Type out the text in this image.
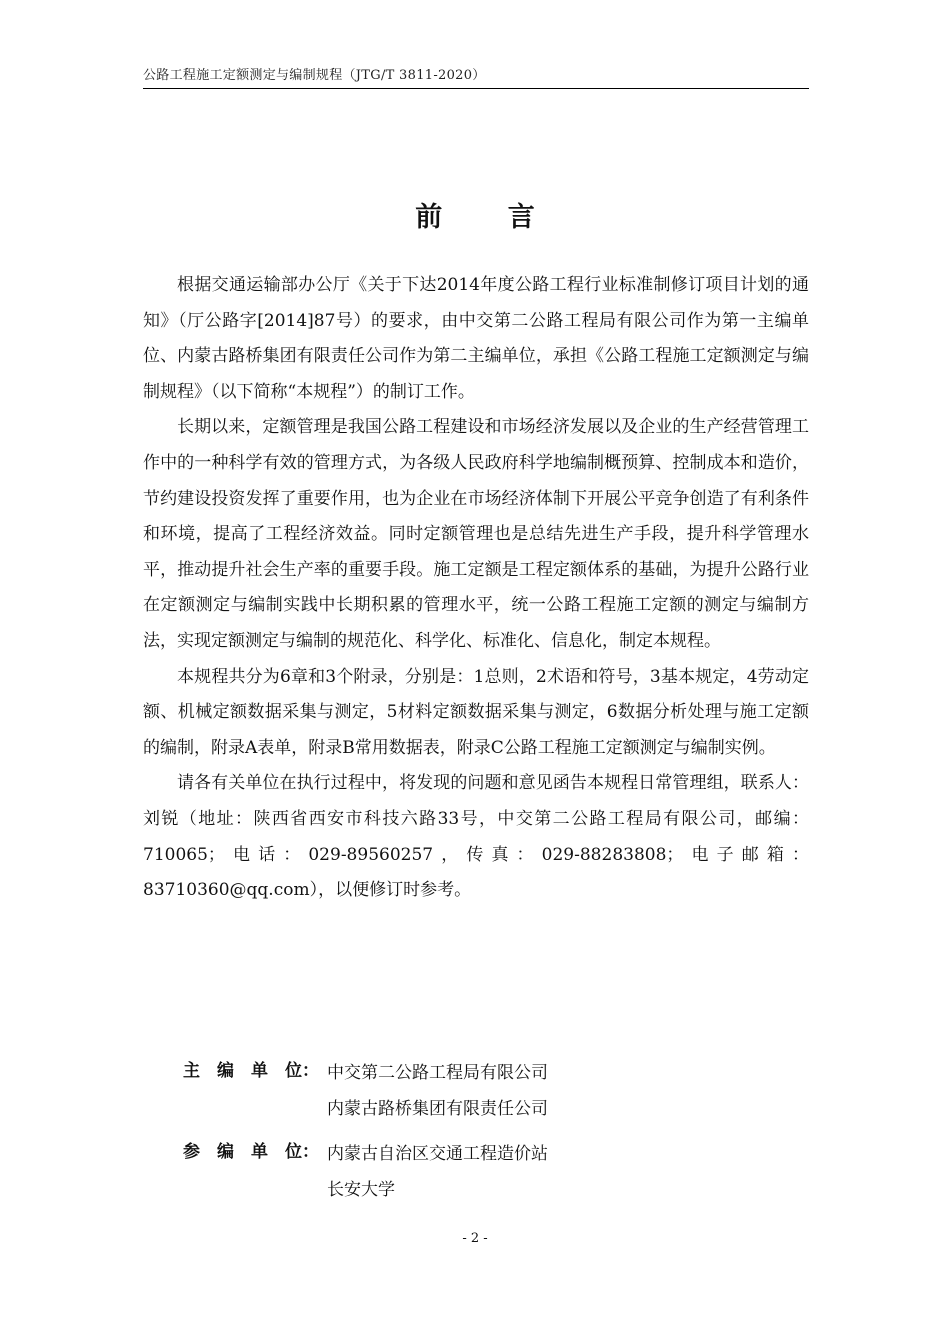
公路工程施工定额测定与编制规程（JTG/T 3811-2020）
前 言

根据交通运输部办公厅《关于下达2014年度公路工程行业标准制修订项目计划的通知》（厅公路字[2014]87号）的要求，由中交第二公路工程局有限公司作为第一主编单位、内蒙古路桥集团有限责任公司作为第二主编单位，承担《公路工程施工定额测定与编制规程》（以下简称“本规程”）的制订工作。

长期以来，定额管理是我国公路工程建设和市场经济发展以及企业的生产经营管理工作中的一种科学有效的管理方式，为各级人民政府科学地编制概预算、控制成本和造价，节约建设投资发挥了重要作用，也为企业在市场经济体制下开展公平竞争创造了有利条件和环境，提高了工程经济效益。同时定额管理也是总结先进生产手段，提升科学管理水平，推动提升社会生产率的重要手段。施工定额是工程定额体系的基础，为提升公路行业在定额测定与编制实践中长期积累的管理水平，统一公路工程施工定额的测定与编制方法，实现定额测定与编制的规范化、科学化、标准化、信息化，制定本规程。

本规程共分为6章和3个附录，分别是：1总则，2术语和符号，3基本规定，4劳动定额、机械定额数据采集与测定，5材料定额数据采集与测定，6数据分析处理与施工定额的编制，附录A表单，附录B常用数据表，附录C公路工程施工定额测定与编制实例。

请各有关单位在执行过程中，将发现的问题和意见函告本规程日常管理组，联系人：刘锐（地址：陕西省西安市科技六路33号，中交第二公路工程局有限公司，邮编：710065；电话：029-89560257，传真：029-88283808；电子邮箱：83710360@qq.com），以便修订时参考。

主　编　单　位： 中交第二公路工程局有限公司
内蒙古路桥集团有限责任公司
参　编　单　位： 内蒙古自治区交通工程造价站
长安大学
- 2 -
